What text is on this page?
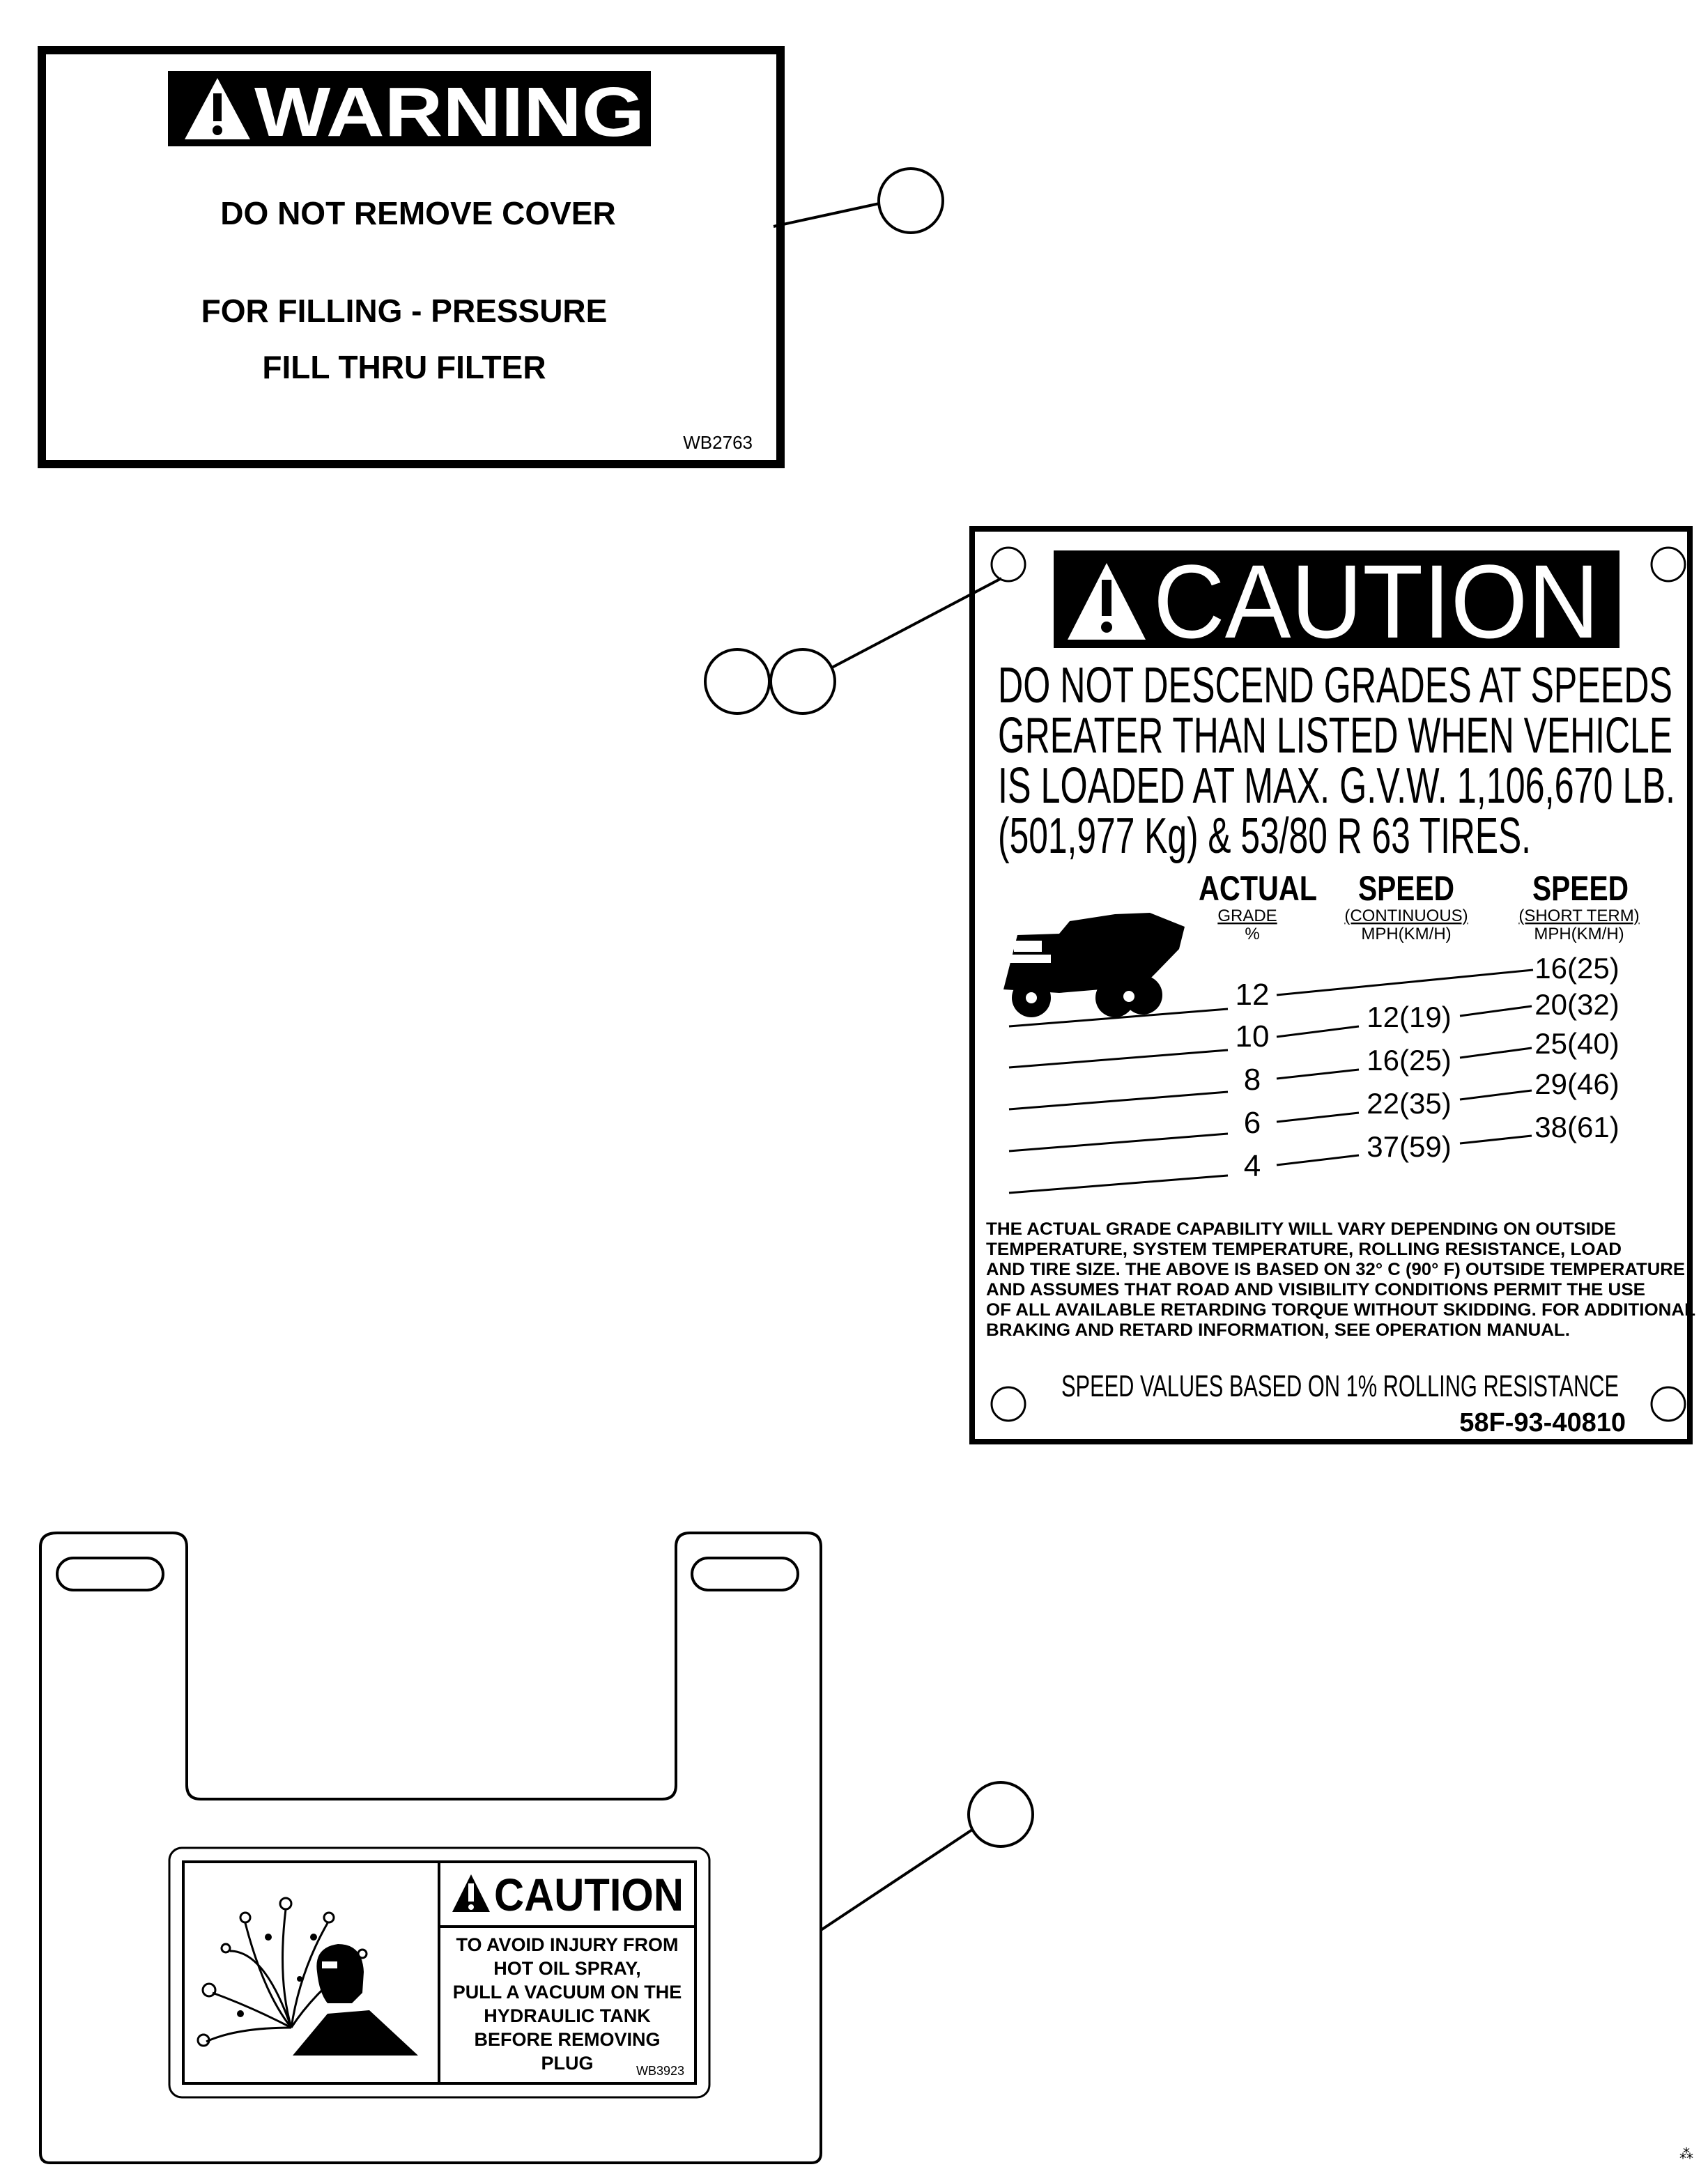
WARNING
DO NOT REMOVE COVER
FOR FILLING - PRESSURE
FILL THRU FILTER
WB2763
CAUTION
DO NOT DESCEND GRADES AT SPEEDS
GREATER THAN LISTED WHEN VEHICLE
IS LOADED AT MAX. G.V.W. 1,106,670 LB.
(501,977 Kg) & 53/80 R 63 TIRES.
ACTUAL
GRADE
%
SPEED
(CONTINUOUS)
MPH(KM/H)
SPEED
(SHORT TERM)
MPH(KM/H)
12
10
8
6
4
12(19)
16(25)
22(35)
37(59)
16(25)
20(32)
25(40)
29(46)
38(61)
THE ACTUAL GRADE CAPABILITY WILL VARY DEPENDING ON OUTSIDE
TEMPERATURE, SYSTEM TEMPERATURE, ROLLING RESISTANCE, LOAD
AND TIRE SIZE. THE ABOVE IS BASED ON 32° C (90° F) OUTSIDE TEMPERATURE
AND ASSUMES THAT ROAD AND VISIBILITY CONDITIONS PERMIT THE USE
OF ALL AVAILABLE RETARDING TORQUE WITHOUT SKIDDING. FOR ADDITIONAL
BRAKING AND RETARD INFORMATION, SEE OPERATION MANUAL.
SPEED VALUES BASED ON 1% ROLLING RESISTANCE
58F-93-40810
CAUTION
TO AVOID INJURY FROM
HOT OIL SPRAY,
PULL A VACUUM ON THE
HYDRAULIC TANK
BEFORE REMOVING
PLUG	WB3923
⁂
